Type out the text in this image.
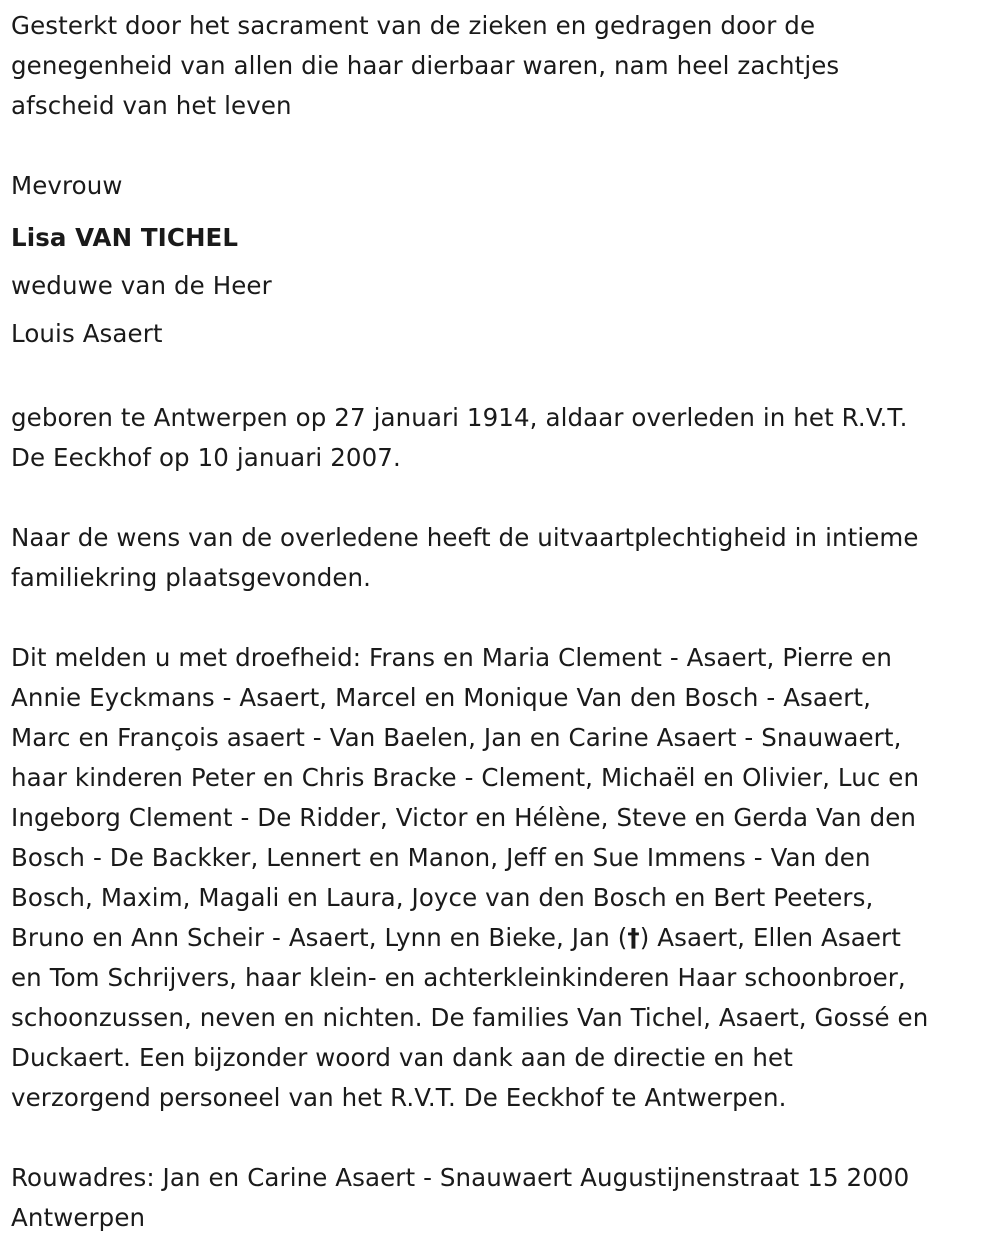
Gesterkt door het sacrament van de zieken en gedragen door de
genegenheid van allen die haar dierbaar waren, nam heel zachtjes
afscheid van het leven

Mevrouw
Lisa VAN TICHEL
weduwe van de Heer
Louis Asaert

geboren te Antwerpen op 27 januari 1914, aldaar overleden in het R.V.T.
De Eeckhof op 10 januari 2007.

Naar de wens van de overledene heeft de uitvaartplechtigheid in intieme
familiekring plaatsgevonden.

Dit melden u met droefheid: Frans en Maria Clement - Asaert, Pierre en
Annie Eyckmans - Asaert, Marcel en Monique Van den Bosch - Asaert,
Marc en François asaert - Van Baelen, Jan en Carine Asaert - Snauwaert,
haar kinderen Peter en Chris Bracke - Clement, Michaël en Olivier, Luc en
Ingeborg Clement - De Ridder, Victor en Hélène, Steve en Gerda Van den
Bosch - De Backker, Lennert en Manon, Jeff en Sue Immens - Van den
Bosch, Maxim, Magali en Laura, Joyce van den Bosch en Bert Peeters,
Bruno en Ann Scheir - Asaert, Lynn en Bieke, Jan (†) Asaert, Ellen Asaert
en Tom Schrijvers, haar klein- en achterkleinkinderen Haar schoonbroer,
schoonzussen, neven en nichten. De families Van Tichel, Asaert, Gossé en
Duckaert. Een bijzonder woord van dank aan de directie en het
verzorgend personeel van het R.V.T. De Eeckhof te Antwerpen.

Rouwadres: Jan en Carine Asaert - Snauwaert Augustijnenstraat 15 2000
Antwerpen
